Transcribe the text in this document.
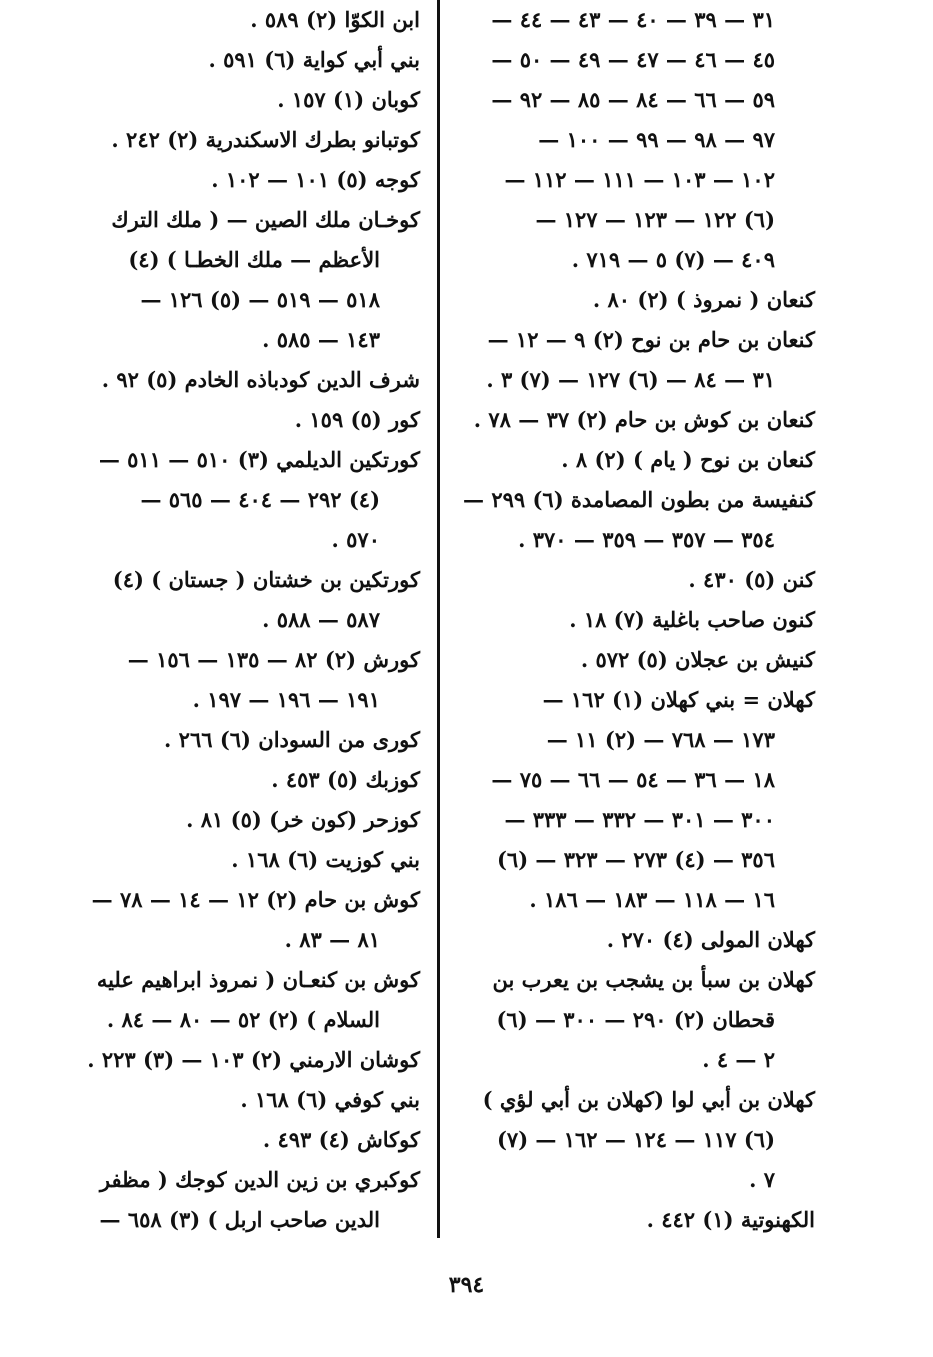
٣١ — ٣٩ — ٤٠ — ٤٣ — ٤٤ —
٤٥ — ٤٦ — ٤٧ — ٤٩ — ٥٠ —
٥٩ — ٦٦ — ٨٤ — ٨٥ — ٩٢ —
٩٧ — ٩٨ — ٩٩ — ١٠٠ —
١٠٢ — ١٠٣ — ١١١ — ١١٢ —
(٦) ١٢٢ — ١٢٣ — ١٢٧ —
٤٠٩ — (٧) ٥ — ٧١٩ .
كنعان ( نمروذ ) (٢) ٨٠ .
كنعان بن حام بن نوح (٢) ٩ — ١٢ —
٣١ — ٨٤ — (٦) ١٢٧ — (٧) ٣ .
كنعان بن كوش بن حام (٢) ٣٧ — ٧٨ .
كنعان بن نوح ( يام ) (٢) ٨ .
كنفيسة من بطون المصامدة (٦) ٢٩٩ —
٣٥٤ — ٣٥٧ — ٣٥٩ — ٣٧٠ .
كنن (٥) ٤٣٠ .
كنون صاحب باغلية (٧) ١٨ .
كنيش بن عجلان (٥) ٥٧٢ .
كهلان = بني كهلان (١) ١٦٢ —
١٧٣ — ٧٦٨ — (٢) ١١ —
١٨ — ٣٦ — ٥٤ — ٦٦ — ٧٥ —
٣٠٠ — ٣٠١ — ٣٣٢ — ٣٣٣ —
٣٥٦ — (٤) ٢٧٣ — ٣٢٣ — (٦)
١٦ — ١١٨ — ١٨٣ — ١٨٦ .
كهلان المولى (٤) ٢٧٠ .
كهلان بن سبأ بن يشجب بن يعرب بن
قحطان (٢) ٢٩٠ — ٣٠٠ — (٦)
٢ — ٤ .
كهلان بن أبي لوا (كهلان بن أبي لؤي )
(٦) ١١٧ — ١٢٤ — ١٦٢ — (٧)
٧ .
الكهنوتية (١) ٤٤٢ .
ابن الكوّا (٢) ٥٨٩ .
بني أبي كواية (٦) ٥٩١ .
كوبان (١) ١٥٧ .
كوتبانو بطرك الاسكندرية (٢) ٢٤٢ .
كوجه (٥) ١٠١ — ١٠٢ .
كوخـان ملك الصين — ( ملك الترك
الأعظم — ملك الخطـا ) (٤)
٥١٨ — ٥١٩ — (٥) ١٢٦ —
١٤٣ — ٥٨٥ .
شرف الدين كودباذه الخادم (٥) ٩٢ .
كور (٥) ١٥٩ .
كورتكين الديلمي (٣) ٥١٠ — ٥١١ —
(٤) ٢٩٢ — ٤٠٤ — ٥٦٥ —
٥٧٠ .
كورتكين بن خشتان ( جستان ) (٤)
٥٨٧ — ٥٨٨ .
كورش (٢) ٨٢ — ١٣٥ — ١٥٦ —
١٩١ — ١٩٦ — ١٩٧ .
كورى من السودان (٦) ٢٦٦ .
كوزبك (٥) ٤٥٣ .
كوزحر (كون خر) (٥) ٨١ .
بني كوزيت (٦) ١٦٨ .
كوش بن حام (٢) ١٢ — ١٤ — ٧٨ —
٨١ — ٨٣ .
كوش بن كنعـان ( نمروذ ابراهيم عليه
السلام ) (٢) ٥٢ — ٨٠ — ٨٤ .
كوشان الارمني (٢) ١٠٣ — (٣) ٢٢٣ .
بني كوفي (٦) ١٦٨ .
كوكاش (٤) ٤٩٣ .
كوكبري بن زين الدين كوجك ( مظفر
الدين صاحب اربل ) (٣) ٦٥٨ —
٣٩٤
